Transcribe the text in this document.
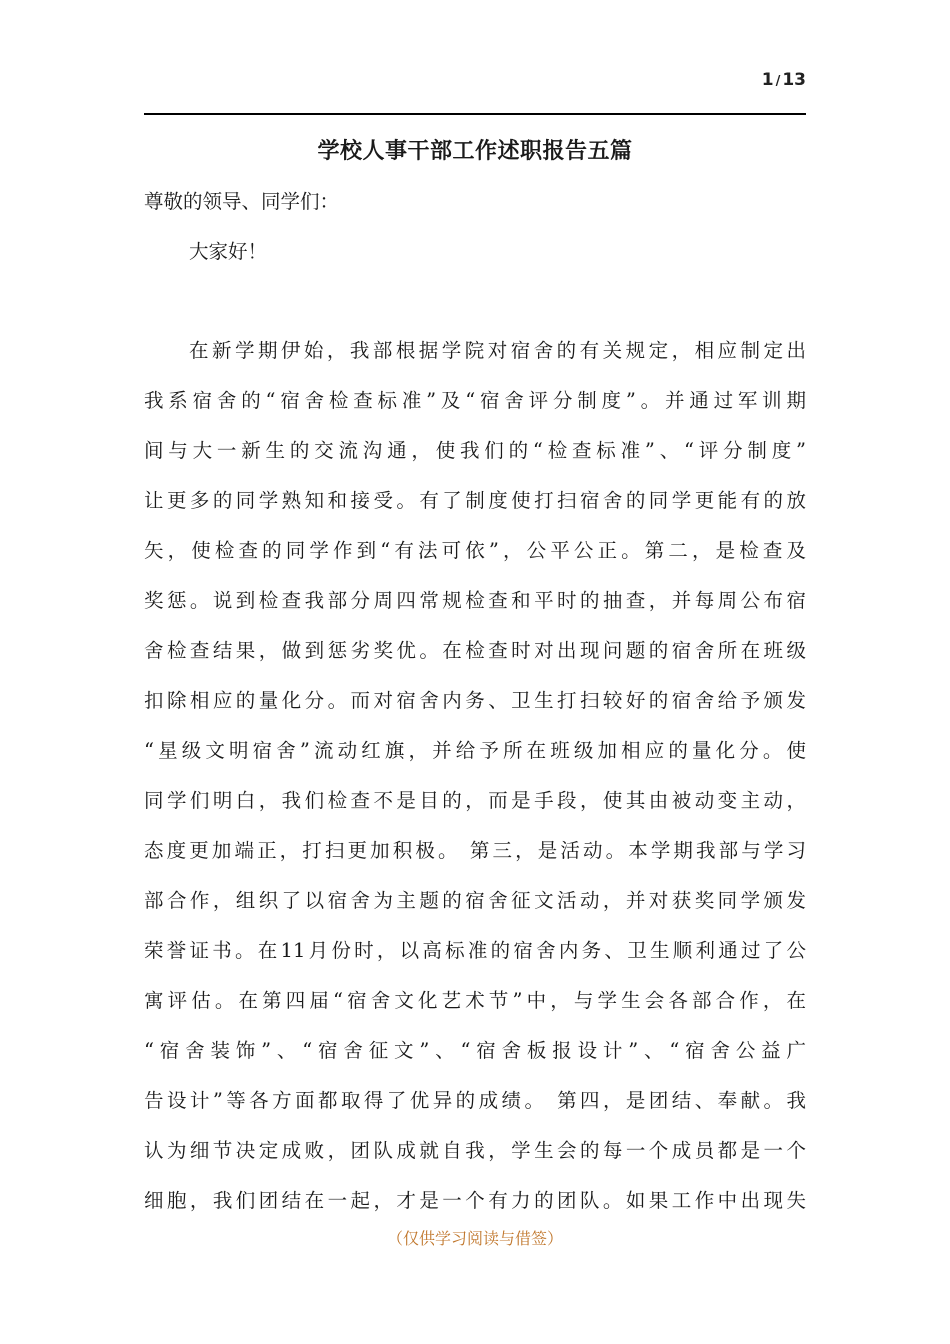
1 / 13
学校人事干部工作述职报告五篇

尊敬的领导、同学们：

大家好！

在新学期伊始，我部根据学院对宿舍的有关规定，相应制定出
我系宿舍的“宿舍检查标准”及“宿舍评分制度”。并通过军训期
间与大一新生的交流沟通，使我们的“检查标准”、“评分制度”
让更多的同学熟知和接受。有了制度使打扫宿舍的同学更能有的放
矢，使检查的同学作到“有法可依”，公平公正。第二，是检查及
奖惩。说到检查我部分周四常规检查和平时的抽查，并每周公布宿
舍检查结果，做到惩劣奖优。在检查时对出现问题的宿舍所在班级
扣除相应的量化分。而对宿舍内务、卫生打扫较好的宿舍给予颁发
“星级文明宿舍”流动红旗，并给予所在班级加相应的量化分。使
同学们明白，我们检查不是目的，而是手段，使其由被动变主动，
态度更加端正，打扫更加积极。 第三，是活动。本学期我部与学习
部合作，组织了以宿舍为主题的宿舍征文活动，并对获奖同学颁发
荣誉证书。在11月份时，以高标准的宿舍内务、卫生顺利通过了公
寓评估。在第四届“宿舍文化艺术节”中，与学生会各部合作，在
“宿舍装饰”、“宿舍征文”、“宿舍板报设计”、“宿舍公益广
告设计”等各方面都取得了优异的成绩。 第四，是团结、奉献。我
认为细节决定成败，团队成就自我，学生会的每一个成员都是一个
细胞，我们团结在一起，才是一个有力的团队。如果工作中出现失

（仅供学习阅读与借签）
